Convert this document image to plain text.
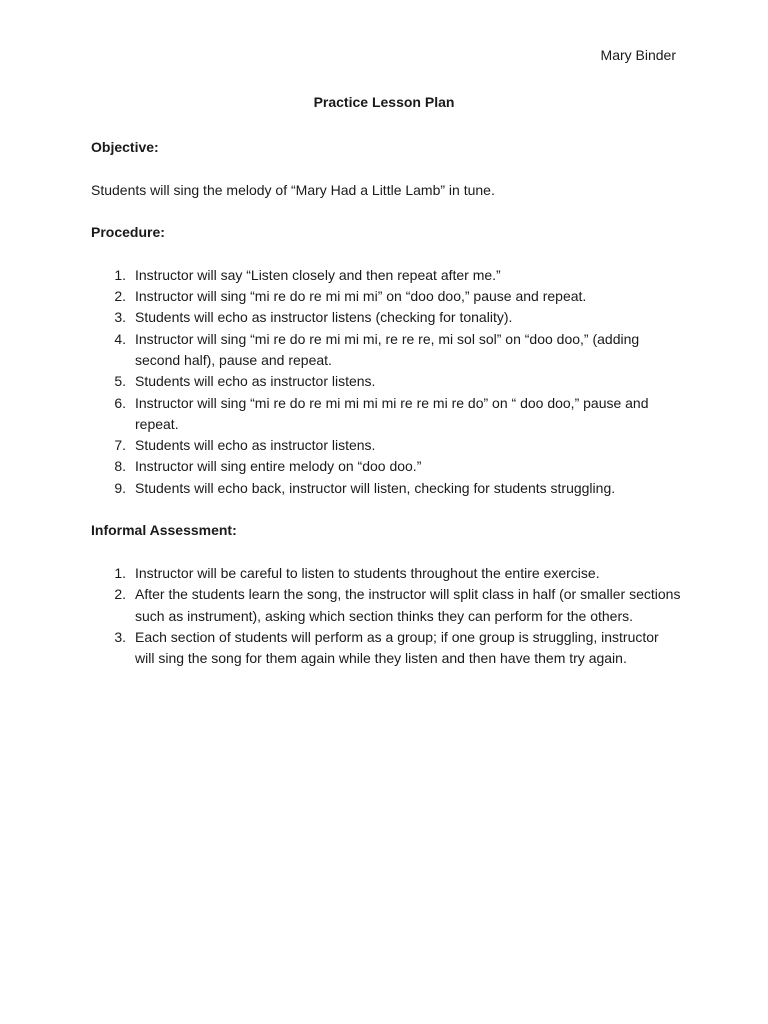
Mary Binder
Practice Lesson Plan

Objective:

Students will sing the melody of “Mary Had a Little Lamb” in tune.

Procedure:

1. Instructor will say “Listen closely and then repeat after me.”
2. Instructor will sing “mi re do re mi mi mi” on “doo doo,” pause and repeat.
3. Students will echo as instructor listens (checking for tonality).
4. Instructor will sing “mi re do re mi mi mi, re re re, mi sol sol” on “doo doo,” (adding second half), pause and repeat.
5. Students will echo as instructor listens.
6. Instructor will sing “mi re do re mi mi mi mi re re mi re do” on “ doo doo,” pause and repeat.
7. Students will echo as instructor listens.
8. Instructor will sing entire melody on “doo doo.”
9. Students will echo back, instructor will listen, checking for students struggling.

Informal Assessment:

1. Instructor will be careful to listen to students throughout the entire exercise.
2. After the students learn the song, the instructor will split class in half (or smaller sections such as instrument), asking which section thinks they can perform for the others.
3. Each section of students will perform as a group; if one group is struggling, instructor will sing the song for them again while they listen and then have them try again.
